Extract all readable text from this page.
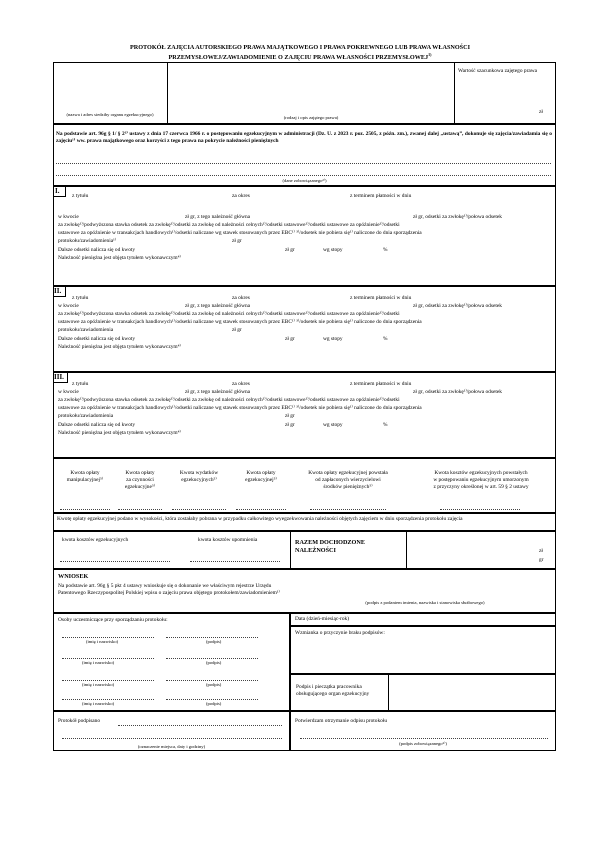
PROTOKÓŁ ZAJĘCIA AUTORSKIEGO PRAWA MAJĄTKOWEGO I PRAWA POKREWNEGO LUB PRAWA WŁASNOŚCI
PRZEMYSŁOWEJ/ZAWIADOMIENIE O ZAJĘCIU PRAWA WŁASNOŚCI PRZEMYSŁOWEJ$^{1)}$
(nazwa i adres siedziby organu egzekucyjnego)
(rodzaj i opis zajętego prawa)
Wartość szacunkowa zajętego prawa
zł
Na podstawie art. 96g § 1/ § 2¹⁾ ustawy z dnia 17 czerwca 1966 r. o postępowaniu egzekucyjnym w administracji (Dz. U. z 2023 r. poz. 2505, z późn. zm.), zwanej dalej „ustawą”, dokonuje się zajęcia/zawiadamia się o zajęciu¹⁾ ww. prawa majątkowego oraz korzyści z tego prawa na pokrycie należności pieniężnych
(dane zobowiązanego²⁾)
I.
z tytułu	za okres	z terminem płatności w dniu
w kwocie	zł gr, z tego należność główna	zł gr, odsetki za zwłokę¹⁾/połowa odsetek
za zwłokę¹⁾/podwyższona stawka odsetek za zwłokę¹⁾/odsetki za zwłokę od należności celnych¹⁾/odsetki ustawowe¹⁾/odsetki ustawowe za opóźnienie¹⁾/odsetki
ustawowe za opóźnienie w transakcjach handlowych¹⁾/odsetki naliczane wg stawek stosowanych przez EBC¹⁾ ³⁾/odsetek nie pobiera się¹⁾ naliczone do dnia sporządzenia
protokołu/zawiadomienia¹⁾	zł gr
Dalsze odsetki nalicza się od kwoty	zł gr	wg stopy	%
Należność pieniężna jest objęta tytułem wykonawczym⁴⁾
II.
z tytułu	za okres	z terminem płatności w dniu
w kwocie	zł gr, z tego należność główna	zł gr, odsetki za zwłokę¹⁾/połowa odsetek
za zwłokę¹⁾/podwyższona stawka odsetek za zwłokę¹⁾/odsetki za zwłokę od należności celnych¹⁾/odsetki ustawowe¹⁾/odsetki ustawowe za opóźnienie¹⁾/odsetki
ustawowe za opóźnienie w transakcjach handlowych¹⁾/odsetki naliczane wg stawek stosowanych przez EBC¹⁾ ³⁾/odsetek nie pobiera się¹⁾ naliczone do dnia sporządzenia
protokołu/zawiadomienia	zł gr
Dalsze odsetki nalicza się od kwoty	zł gr	wg stopy	%
Należność pieniężna jest objęta tytułem wykonawczym⁴⁾
III.
z tytułu	za okres	z terminem płatności w dniu
w kwocie	zł gr, z tego należność główna	zł gr, odsetki za zwłokę¹⁾/połowa odsetek
za zwłokę¹⁾/podwyższona stawka odsetek za zwłokę¹⁾/odsetki za zwłokę od należności celnych¹⁾/odsetki ustawowe¹⁾/odsetki ustawowe za opóźnienie¹⁾/odsetki
ustawowe za opóźnienie w transakcjach handlowych¹⁾/odsetki naliczane wg stawek stosowanych przez EBC¹⁾ ³⁾/odsetek nie pobiera się¹⁾ naliczone do dnia sporządzenia
protokołu/zawiadomienia	zł gr
Dalsze odsetki nalicza się od kwoty	zł gr	wg stopy	%
Należność pieniężna jest objęta tytułem wykonawczym⁴⁾
Kwota opłaty
manipulacyjnej⁵⁾
Kwota opłaty
za czynności
egzekucyjne⁵⁾
Kwota wydatków
egzekucyjnych⁵⁾
Kwota opłaty
egzekucyjnej⁵⁾
Kwota opłaty egzekucyjnej powstała
od zapłaconych wierzycielowi
środków pieniężnych⁵⁾
Kwota kosztów egzekucyjnych powstałych
w postępowaniu egzekucyjnym umorzonym
z przyczyny określonej w art. 59 § 2 ustawy
Kwotę opłaty egzekucyjnej podano w wysokości, która zostałaby pobrana w przypadku całkowitego wyegzekwowania należności objętych zajęciem w dniu sporządzenia protokołu zajęcia
kwota kosztów egzekucyjnych	kwota kosztów upomnienia	RAZEM DOCHODZONE NALEŻNOŚCI	zł
gr
WNIOSEK
Na podstawie art. 96g § 5 pkt 4 ustawy wnioskuje się o dokonanie we właściwym rejestrze Urzędu Patentowego Rzeczypospolitej Polskiej wpisu o zajęciu prawa objętego protokołem/zawiadomieniem¹⁾
(podpis z podaniem imienia, nazwiska i stanowiska służbowego)
Osoby uczestniczące przy sporządzaniu protokołu:
(imię i nazwisko)	(podpis)
(imię i nazwisko)	(podpis)
(imię i nazwisko)	(podpis)
(imię i nazwisko)	(podpis)
Data (dzień-miesiąc-rok)
Wzmianka o przyczynie braku podpisów:
Podpis i pieczątka pracownika obsługującego organ egzekucyjny
Protokół podpisano
(oznaczenie miejsca, daty i godziny)
Potwierdzam otrzymanie odpisu protokołu
(podpis zobowiązanego⁶⁾)
